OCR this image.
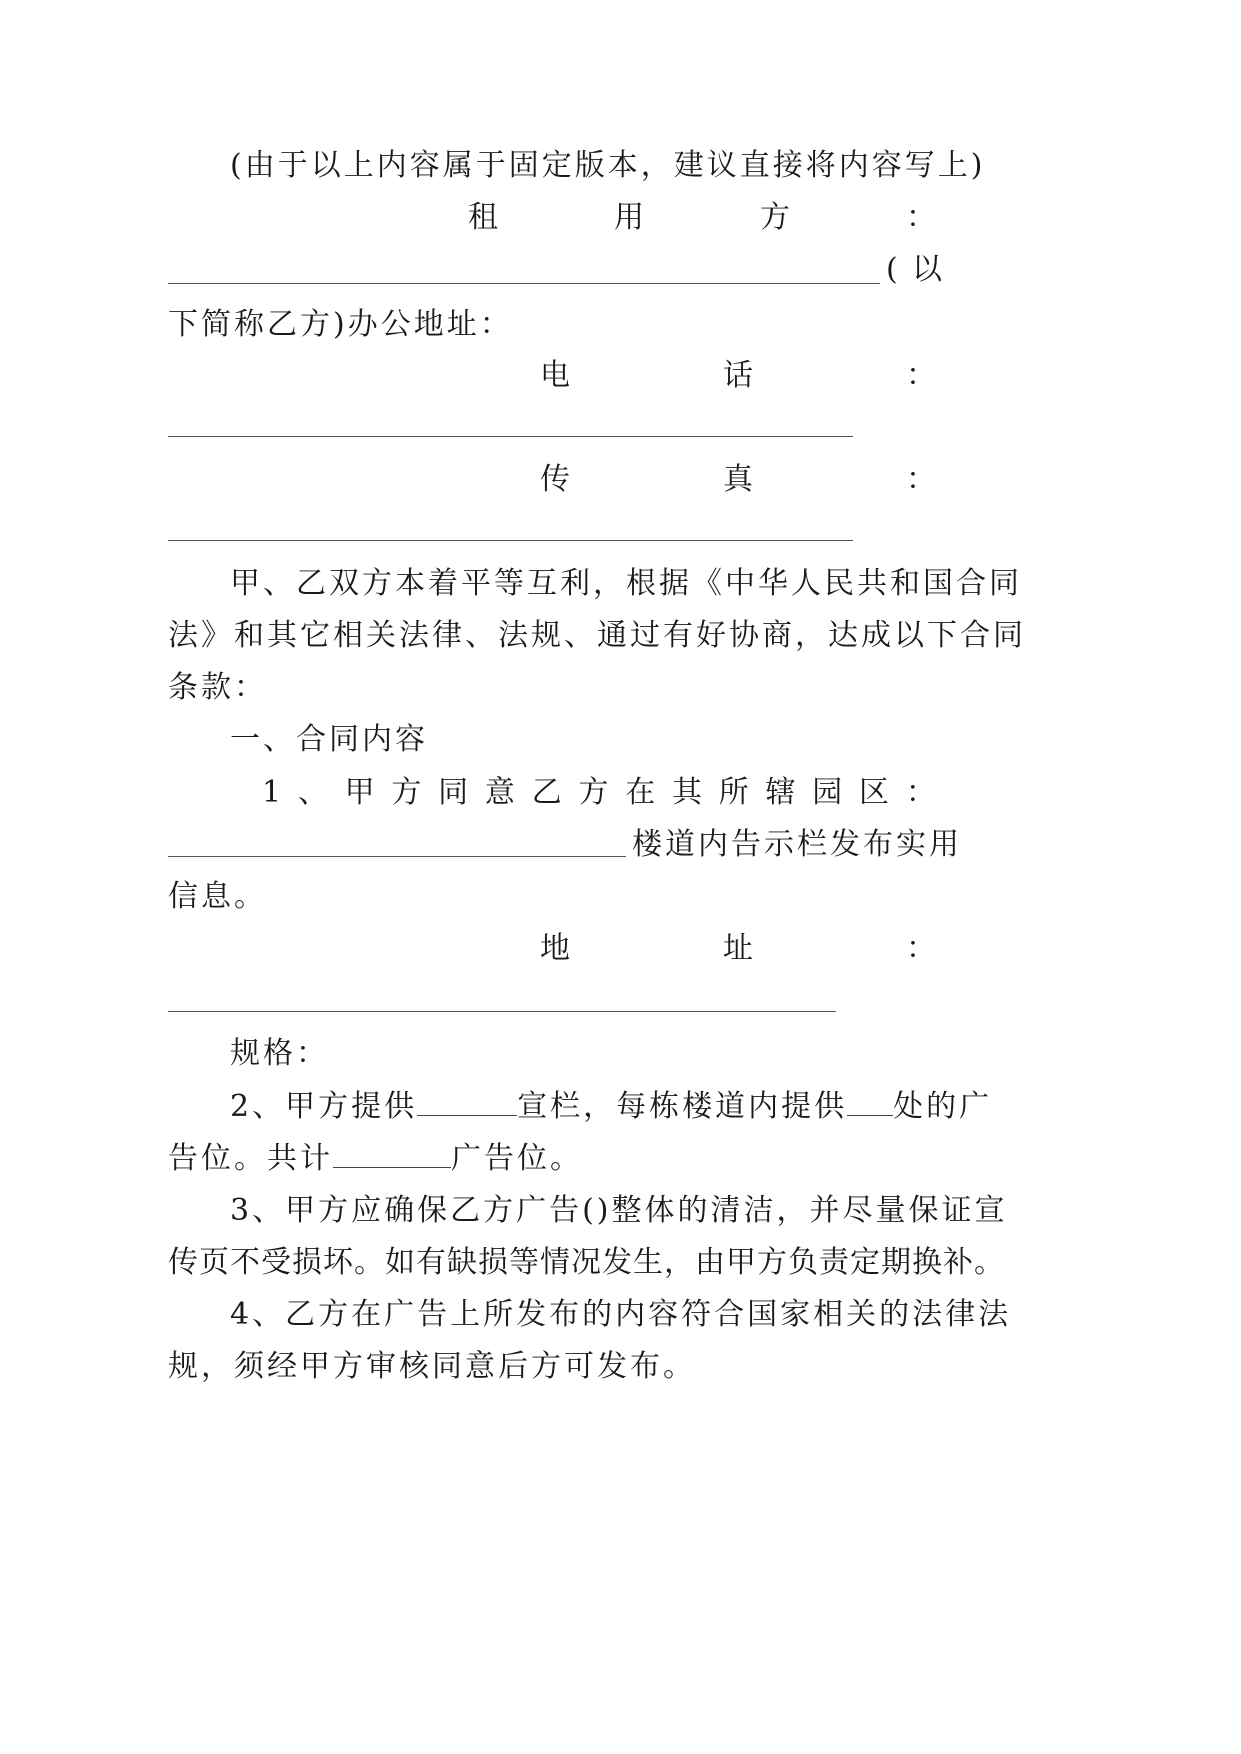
(由于以上内容属于固定版本，建议直接将内容写上)
租	用	方	：
( 以
下简称乙方)办公地址：
电	话	：
传	真	：
甲、乙双方本着平等互利，根据《中华人民共和国合同
法》和其它相关法律、法规、通过有好协商，达成以下合同
条款：
一、合同内容
1 、 甲 方 同 意 乙 方 在 其 所 辖 园 区 ：
楼道内告示栏发布实用
信息。
地	址	：
规格：
2、甲方提供	宣栏，每栋楼道内提供 处的广
告位。共计	广告位。
3、甲方应确保乙方广告()整体的清洁，并尽量保证宣
传页不受损坏。如有缺损等情况发生，由甲方负责定期换补。
4、乙方在广告上所发布的内容符合国家相关的法律法
规，须经甲方审核同意后方可发布。
